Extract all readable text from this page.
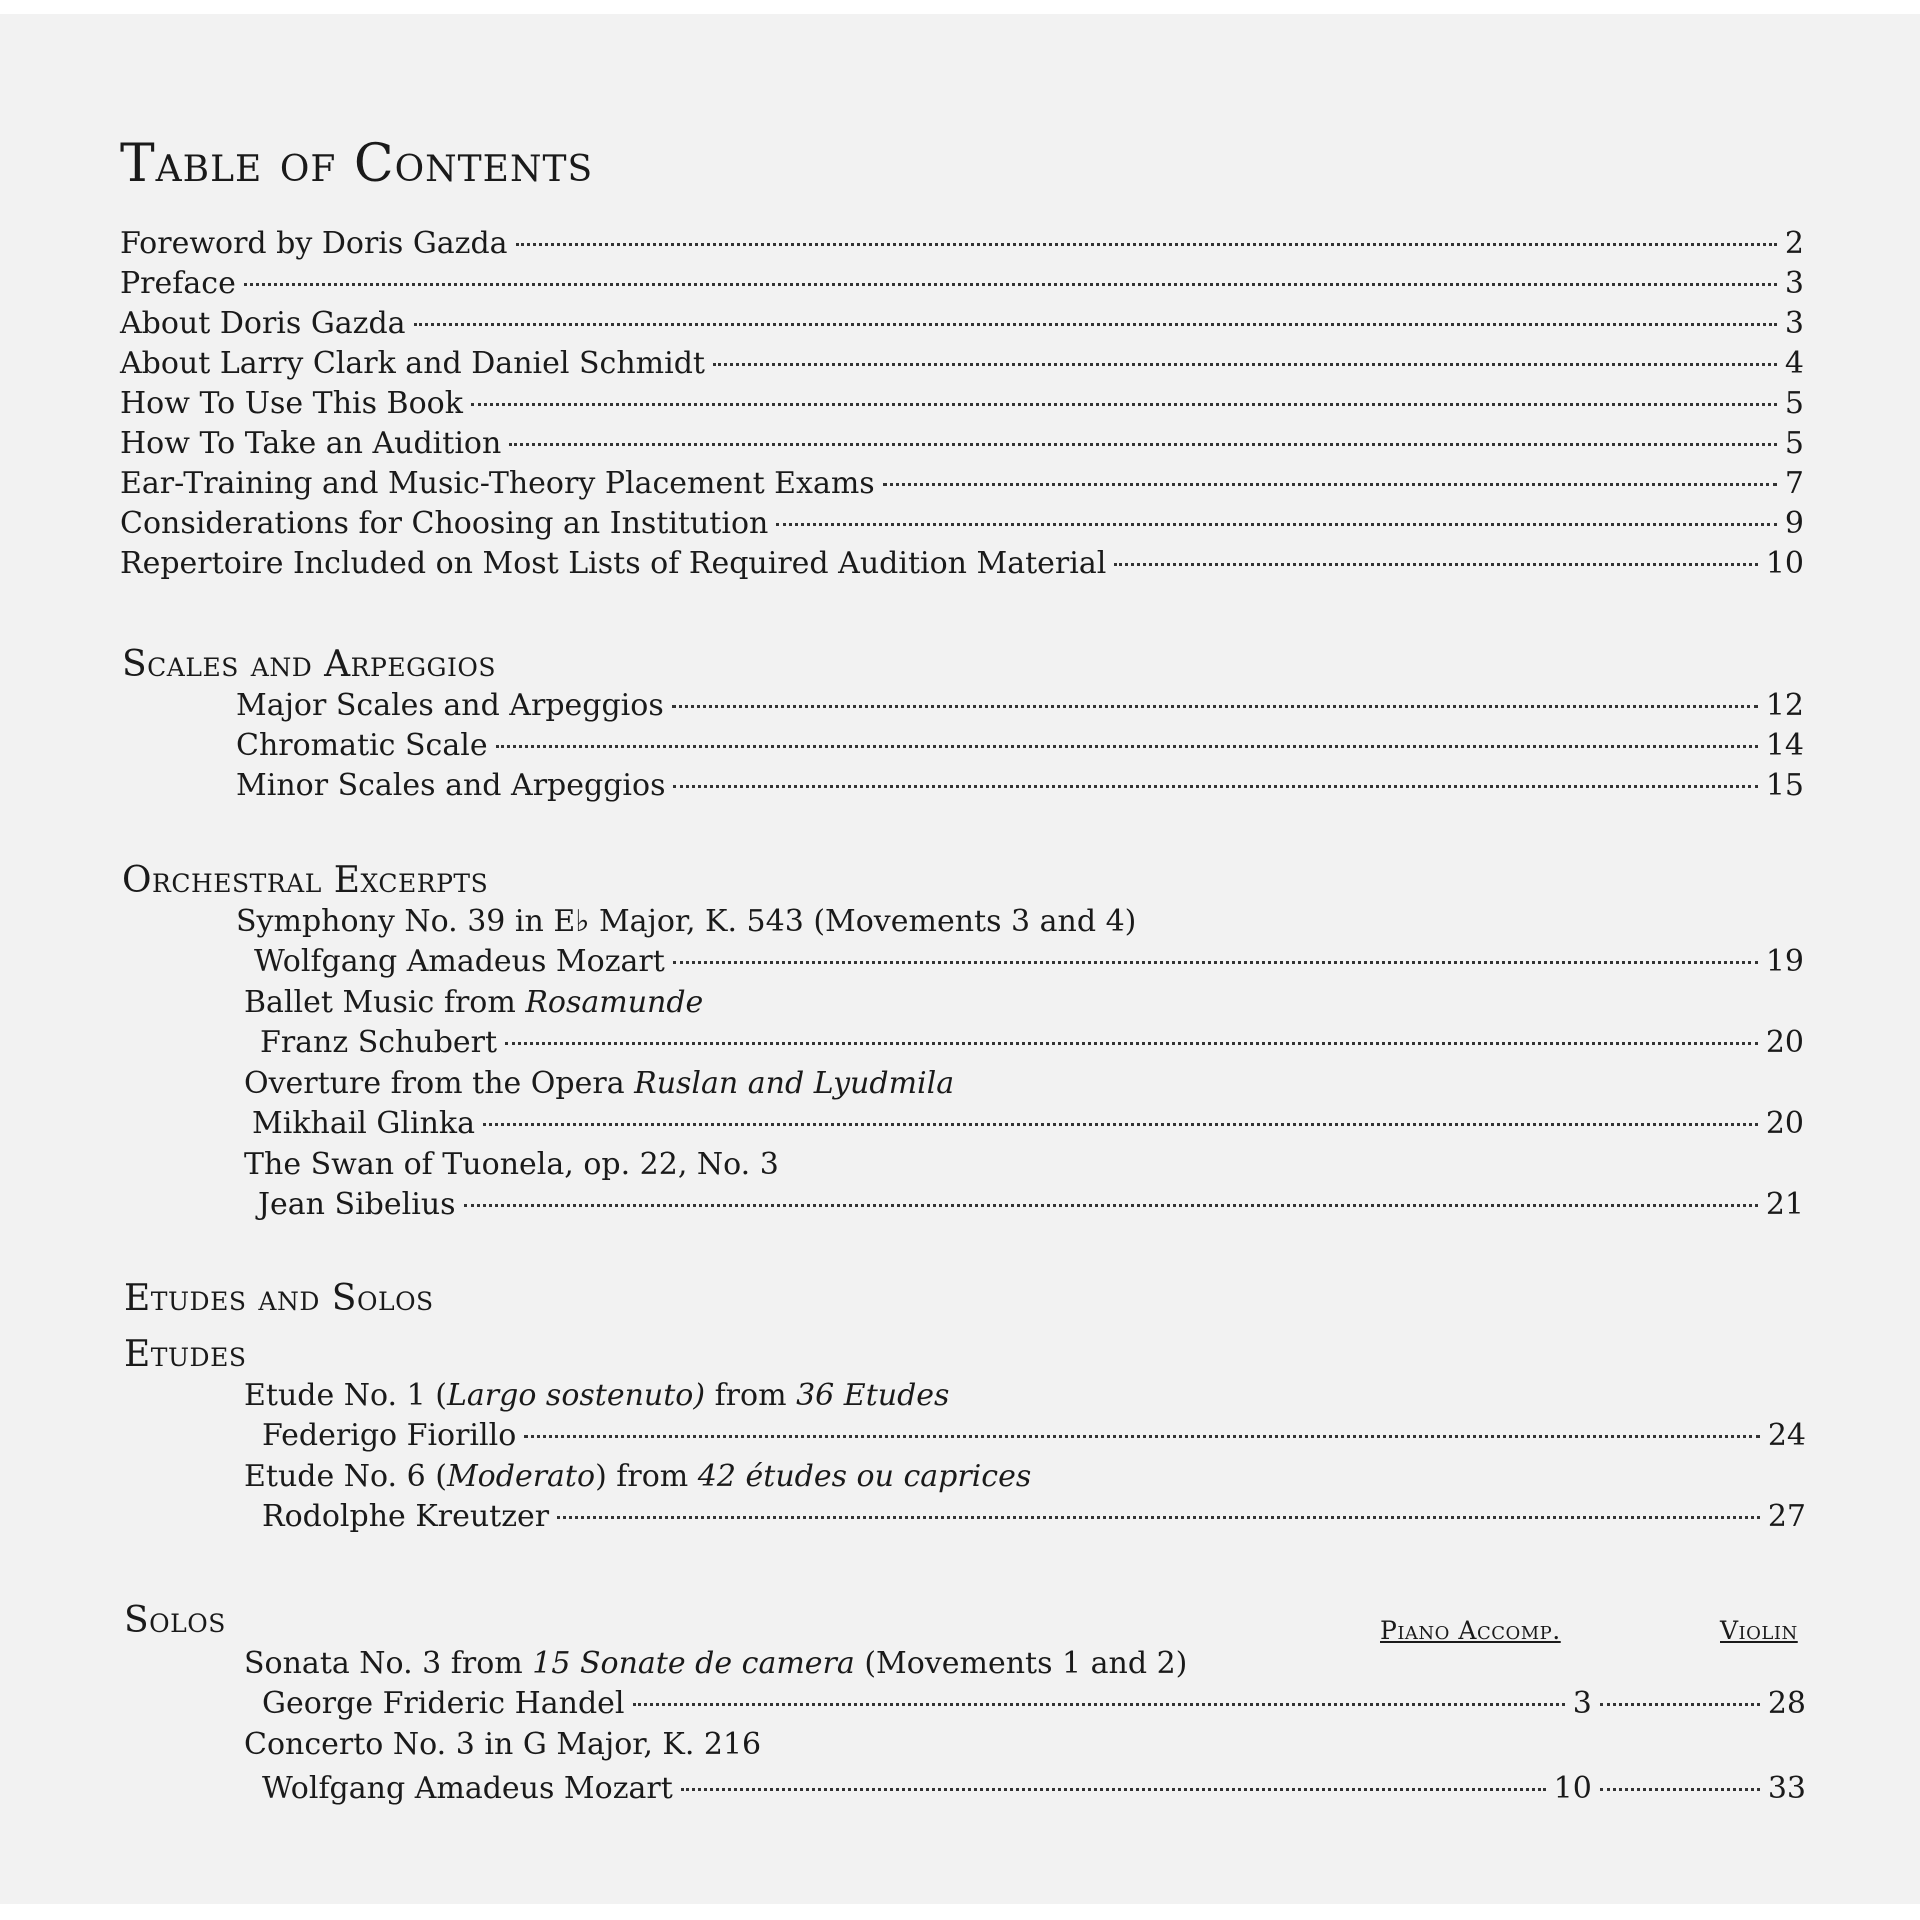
Table of Contents
Foreword by Doris Gazda	2
Preface	3
About Doris Gazda	3
About Larry Clark and Daniel Schmidt	4
How To Use This Book	5
How To Take an Audition	5
Ear-Training and Music-Theory Placement Exams	7
Considerations for Choosing an Institution	9
Repertoire Included on Most Lists of Required Audition Material	10
Scales and Arpeggios
Major Scales and Arpeggios	12
Chromatic Scale	14
Minor Scales and Arpeggios	15
Orchestral Excerpts
Symphony No. 39 in E♭ Major, K. 543 (Movements 3 and 4)
Wolfgang Amadeus Mozart	19
Ballet Music from Rosamunde
Franz Schubert	20
Overture from the Opera Ruslan and Lyudmila
Mikhail Glinka	20
The Swan of Tuonela, op. 22, No. 3
Jean Sibelius	21
Etudes and Solos
Etudes
Etude No. 1 (Largo sostenuto) from 36 Etudes
Federigo Fiorillo	24
Etude No. 6 (Moderato) from 42 études ou caprices
Rodolphe Kreutzer	27
Solos	Piano Accomp.	Violin
Sonata No. 3 from 15 Sonate de camera (Movements 1 and 2)
George Frideric Handel	3	28
Concerto No. 3 in G Major, K. 216
Wolfgang Amadeus Mozart	10	33
